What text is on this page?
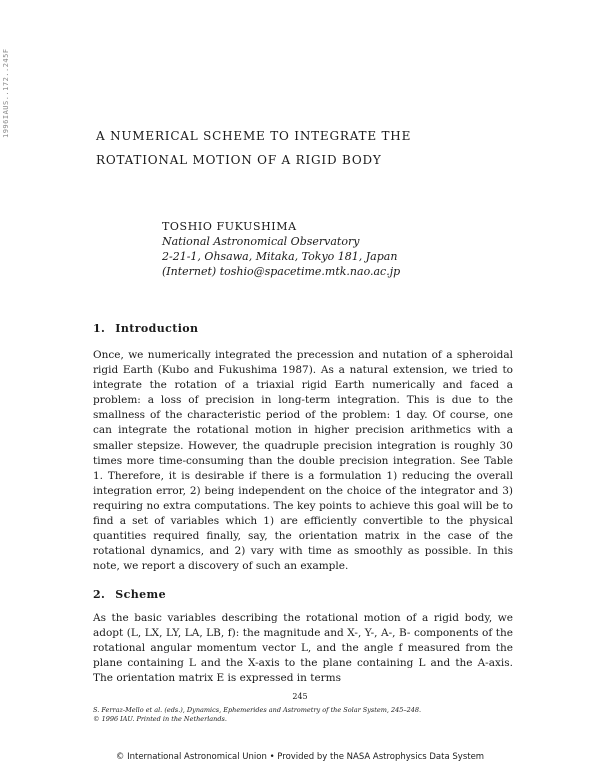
1996IAUS..172..245F	A NUMERICAL SCHEME TO INTEGRATE THE
ROTATIONAL MOTION OF A RIGID BODY
TOSHIO FUKUSHIMA
National Astronomical Observatory
2-21-1, Ohsawa, Mitaka, Tokyo 181, Japan
(Internet) toshio@spacetime.mtk.nao.ac.jp
1. Introduction

Once, we numerically integrated the precession and nutation of a spheroidal rigid Earth (Kubo and Fukushima 1987). As a natural extension, we tried to integrate the rotation of a triaxial rigid Earth numerically and faced a problem: a loss of precision in long-term integration. This is due to the smallness of the characteristic period of the problem: 1 day. Of course, one can integrate the rotational motion in higher precision arithmetics with a smaller stepsize. However, the quadruple precision integration is roughly 30 times more time-consuming than the double precision integration. See Table 1. Therefore, it is desirable if there is a formulation 1) reducing the overall integration error, 2) being independent on the choice of the integrator and 3) requiring no extra computations. The key points to achieve this goal will be to find a set of variables which 1) are efficiently convertible to the physical quantities required finally, say, the orientation matrix in the case of the rotational dynamics, and 2) vary with time as smoothly as possible. In this note, we report a discovery of such an example.

2. Scheme

As the basic variables describing the rotational motion of a rigid body, we adopt (L, LX, LY, LA, LB, f): the magnitude and X-, Y-, A-, B- components of the rotational angular momentum vector L, and the angle f measured from the plane containing L and the X-axis to the plane containing L and the A-axis. The orientation matrix E is expressed in terms

245
S. Ferraz-Mello et al. (eds.), Dynamics, Ephemerides and Astrometry of the Solar System, 245–248.
© 1996 IAU. Printed in the Netherlands.
© International Astronomical Union • Provided by the NASA Astrophysics Data System
